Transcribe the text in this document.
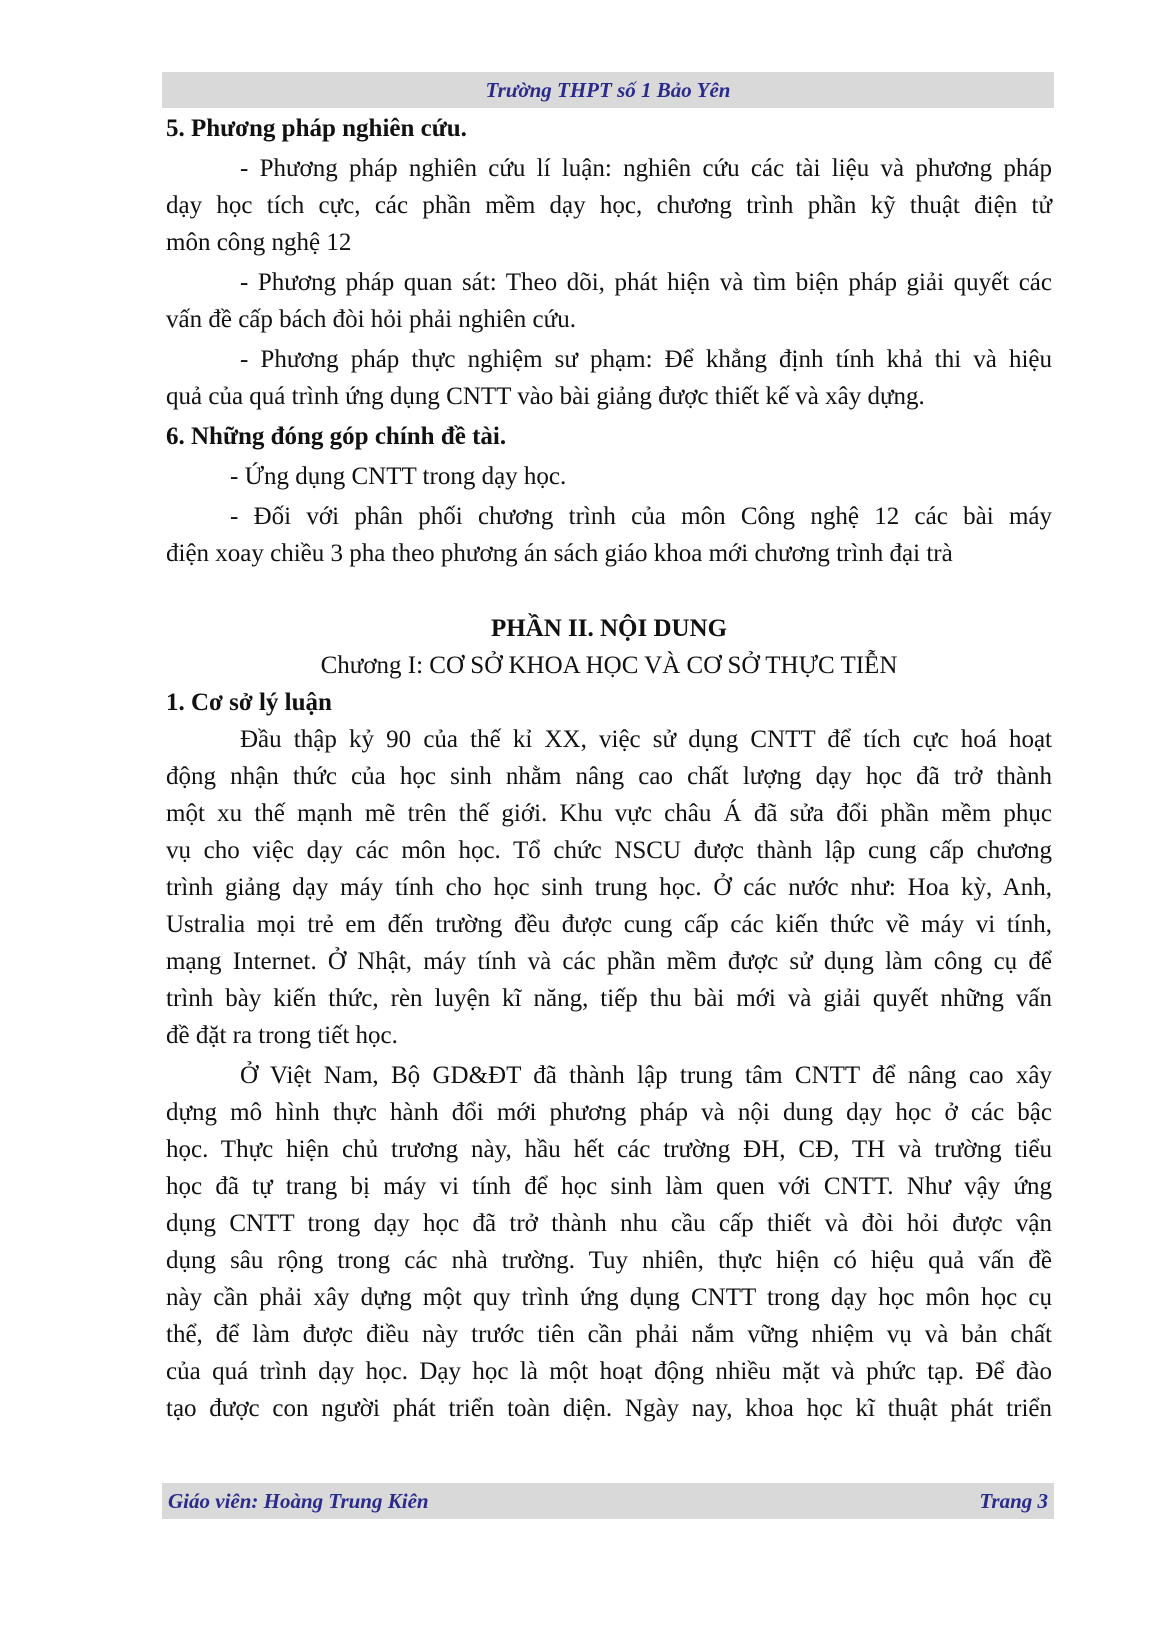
Trường THPT số 1 Bảo Yên
5. Phương pháp nghiên cứu.
- Phương pháp nghiên cứu lí luận: nghiên cứu các tài liệu và phương pháp
dạy học tích cực, các phần mềm dạy học, chương trình phần kỹ thuật điện tử
môn công nghệ 12
- Phương pháp quan sát: Theo dõi, phát hiện và tìm biện pháp giải quyết các
vấn đề cấp bách đòi hỏi phải nghiên cứu.
- Phương pháp thực nghiệm sư phạm: Để khẳng định tính khả thi và hiệu
quả của quá trình ứng dụng CNTT vào bài giảng được thiết kế và xây dựng.
6. Những đóng góp chính đề tài.
- Ứng dụng CNTT trong dạy học.
- Đối với phân phối chương trình của môn Công nghệ 12 các bài máy
điện xoay chiều 3 pha theo phương án sách giáo khoa mới chương trình đại trà
PHẦN II. NỘI DUNG
Chương I: CƠ SỞ KHOA HỌC VÀ CƠ SỞ THỰC TIỄN
1. Cơ sở lý luận
Đầu thập kỷ 90 của thế kỉ XX, việc sử dụng CNTT để tích cực hoá hoạt
động nhận thức của học sinh nhằm nâng cao chất lượng dạy học đã trở thành
một xu thế mạnh mẽ trên thế giới. Khu vực châu Á đã sửa đổi phần mềm phục
vụ cho việc dạy các môn học. Tổ chức NSCU được thành lập cung cấp chương
trình giảng dạy máy tính cho học sinh trung học. Ở các nước như: Hoa kỳ, Anh,
Ustralia mọi trẻ em đến trường đều được cung cấp các kiến thức về máy vi tính,
mạng Internet. Ở Nhật, máy tính và các phần mềm được sử dụng làm công cụ để
trình bày kiến thức, rèn luyện kĩ năng, tiếp thu bài mới và giải quyết những vấn
đề đặt ra trong tiết học.
Ở Việt Nam, Bộ GD&ĐT đã thành lập trung tâm CNTT để nâng cao xây
dựng mô hình thực hành đổi mới phương pháp và nội dung dạy học ở các bậc
học. Thực hiện chủ trương này, hầu hết các trường ĐH, CĐ, TH và trường tiểu
học đã tự trang bị máy vi tính để học sinh làm quen với CNTT. Như vậy ứng
dụng CNTT trong dạy học đã trở thành nhu cầu cấp thiết và đòi hỏi được vận
dụng sâu rộng trong các nhà trường. Tuy nhiên, thực hiện có hiệu quả vấn đề
này cần phải xây dựng một quy trình ứng dụng CNTT trong dạy học môn học cụ
thể, để làm được điều này trước tiên cần phải nắm vững nhiệm vụ và bản chất
của quá trình dạy học. Dạy học là một hoạt động nhiều mặt và phức tạp. Để đào
tạo được con người phát triển toàn diện. Ngày nay, khoa học kĩ thuật phát triển
Giáo viên: Hoàng Trung Kiên	Trang 3
